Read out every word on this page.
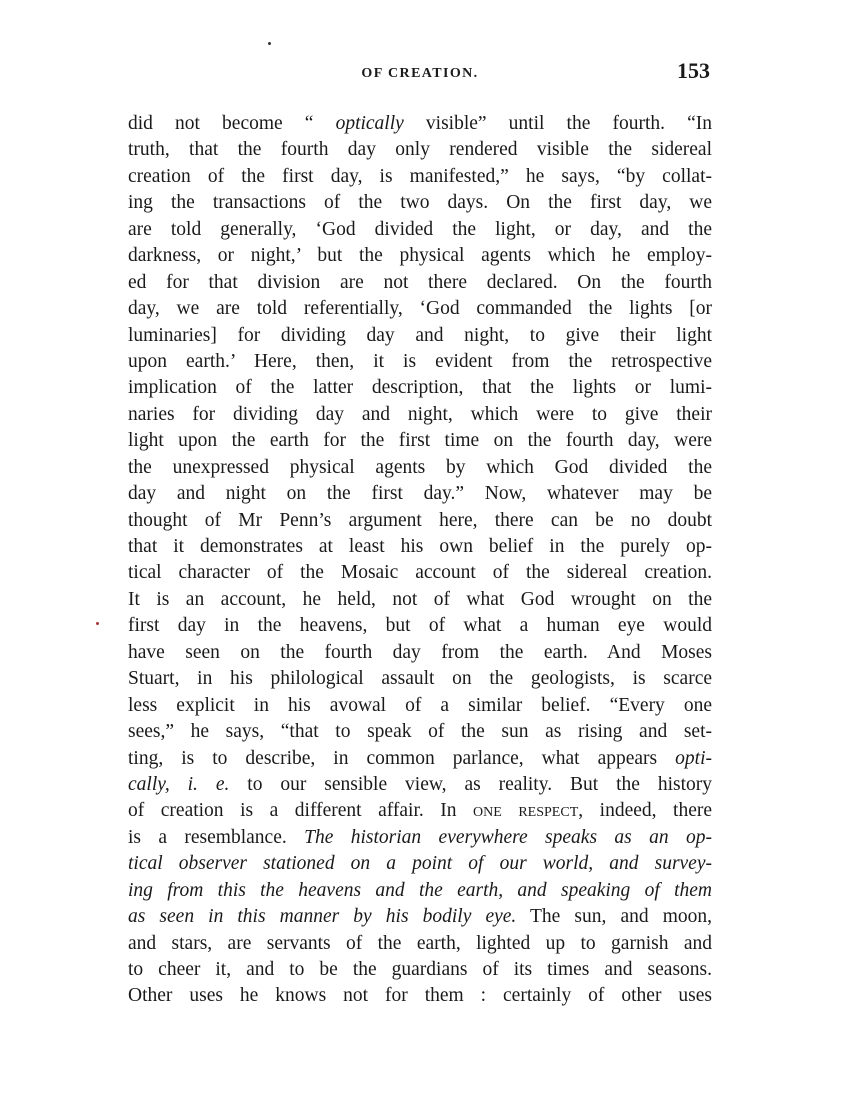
OF CREATION.	153
did not become “ optically visible” until the fourth. “In
truth, that the fourth day only rendered visible the sidereal
creation of the first day, is manifested,” he says, “by collat-
ing the transactions of the two days. On the first day, we
are told generally, ‘God divided the light, or day, and the
darkness, or night,’ but the physical agents which he employ-
ed for that division are not there declared. On the fourth
day, we are told referentially, ‘God commanded the lights [or
luminaries] for dividing day and night, to give their light
upon earth.’ Here, then, it is evident from the retrospective
implication of the latter description, that the lights or lumi-
naries for dividing day and night, which were to give their
light upon the earth for the first time on the fourth day, were
the unexpressed physical agents by which God divided the
day and night on the first day.” Now, whatever may be
thought of Mr Penn’s argument here, there can be no doubt
that it demonstrates at least his own belief in the purely op-
tical character of the Mosaic account of the sidereal creation.
It is an account, he held, not of what God wrought on the
first day in the heavens, but of what a human eye would
have seen on the fourth day from the earth. And Moses
Stuart, in his philological assault on the geologists, is scarce
less explicit in his avowal of a similar belief. “Every one
sees,” he says, “that to speak of the sun as rising and set-
ting, is to describe, in common parlance, what appears opti-
cally, i. e. to our sensible view, as reality. But the history
of creation is a different affair. In one respect, indeed, there
is a resemblance. The historian everywhere speaks as an op-
tical observer stationed on a point of our world, and survey-
ing from this the heavens and the earth, and speaking of them
as seen in this manner by his bodily eye. The sun, and moon,
and stars, are servants of the earth, lighted up to garnish and
to cheer it, and to be the guardians of its times and seasons.
Other uses he knows not for them : certainly of other uses
